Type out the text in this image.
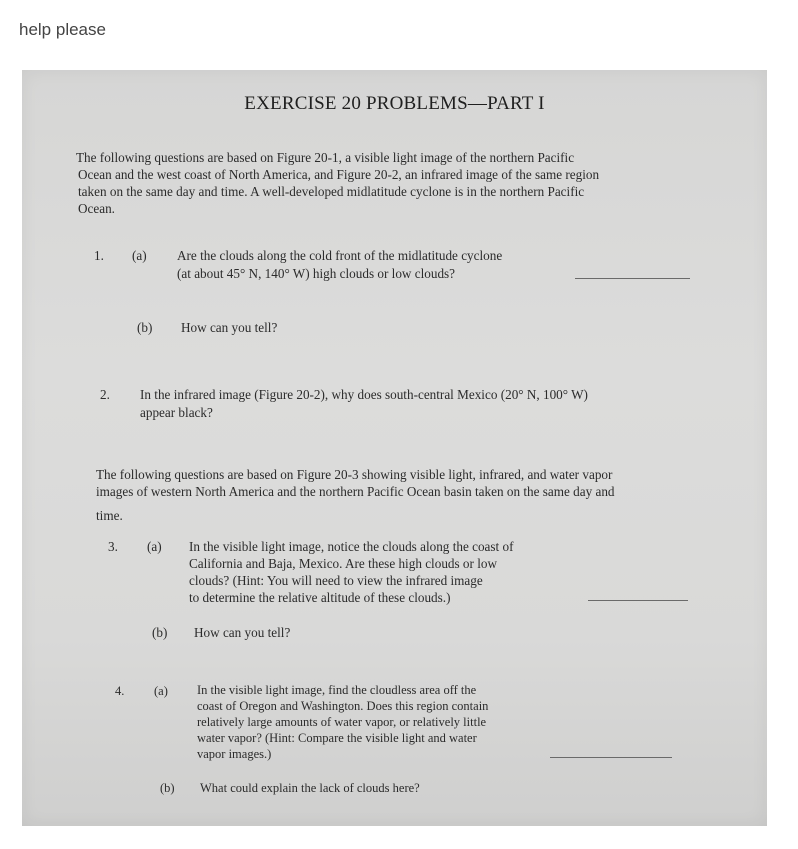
help please
EXERCISE 20 PROBLEMS—PART I
The following questions are based on Figure 20-1, a visible light image of the northern Pacific
Ocean and the west coast of North America, and Figure 20-2, an infrared image of the same region
taken on the same day and time. A well-developed midlatitude cyclone is in the northern Pacific
Ocean.
1. (a) Are the clouds along the cold front of the midlatitude cyclone
(at about 45° N, 140° W) high clouds or low clouds?
(b) How can you tell?
2. In the infrared image (Figure 20-2), why does south-central Mexico (20° N, 100° W)
appear black?
The following questions are based on Figure 20-3 showing visible light, infrared, and water vapor
images of western North America and the northern Pacific Ocean basin taken on the same day and
time.
3. (a) In the visible light image, notice the clouds along the coast of
California and Baja, Mexico. Are these high clouds or low
clouds? (Hint: You will need to view the infrared image
to determine the relative altitude of these clouds.)
(b) How can you tell?
4. (a) In the visible light image, find the cloudless area off the
coast of Oregon and Washington. Does this region contain
relatively large amounts of water vapor, or relatively little
water vapor? (Hint: Compare the visible light and water
vapor images.)
(b) What could explain the lack of clouds here?
